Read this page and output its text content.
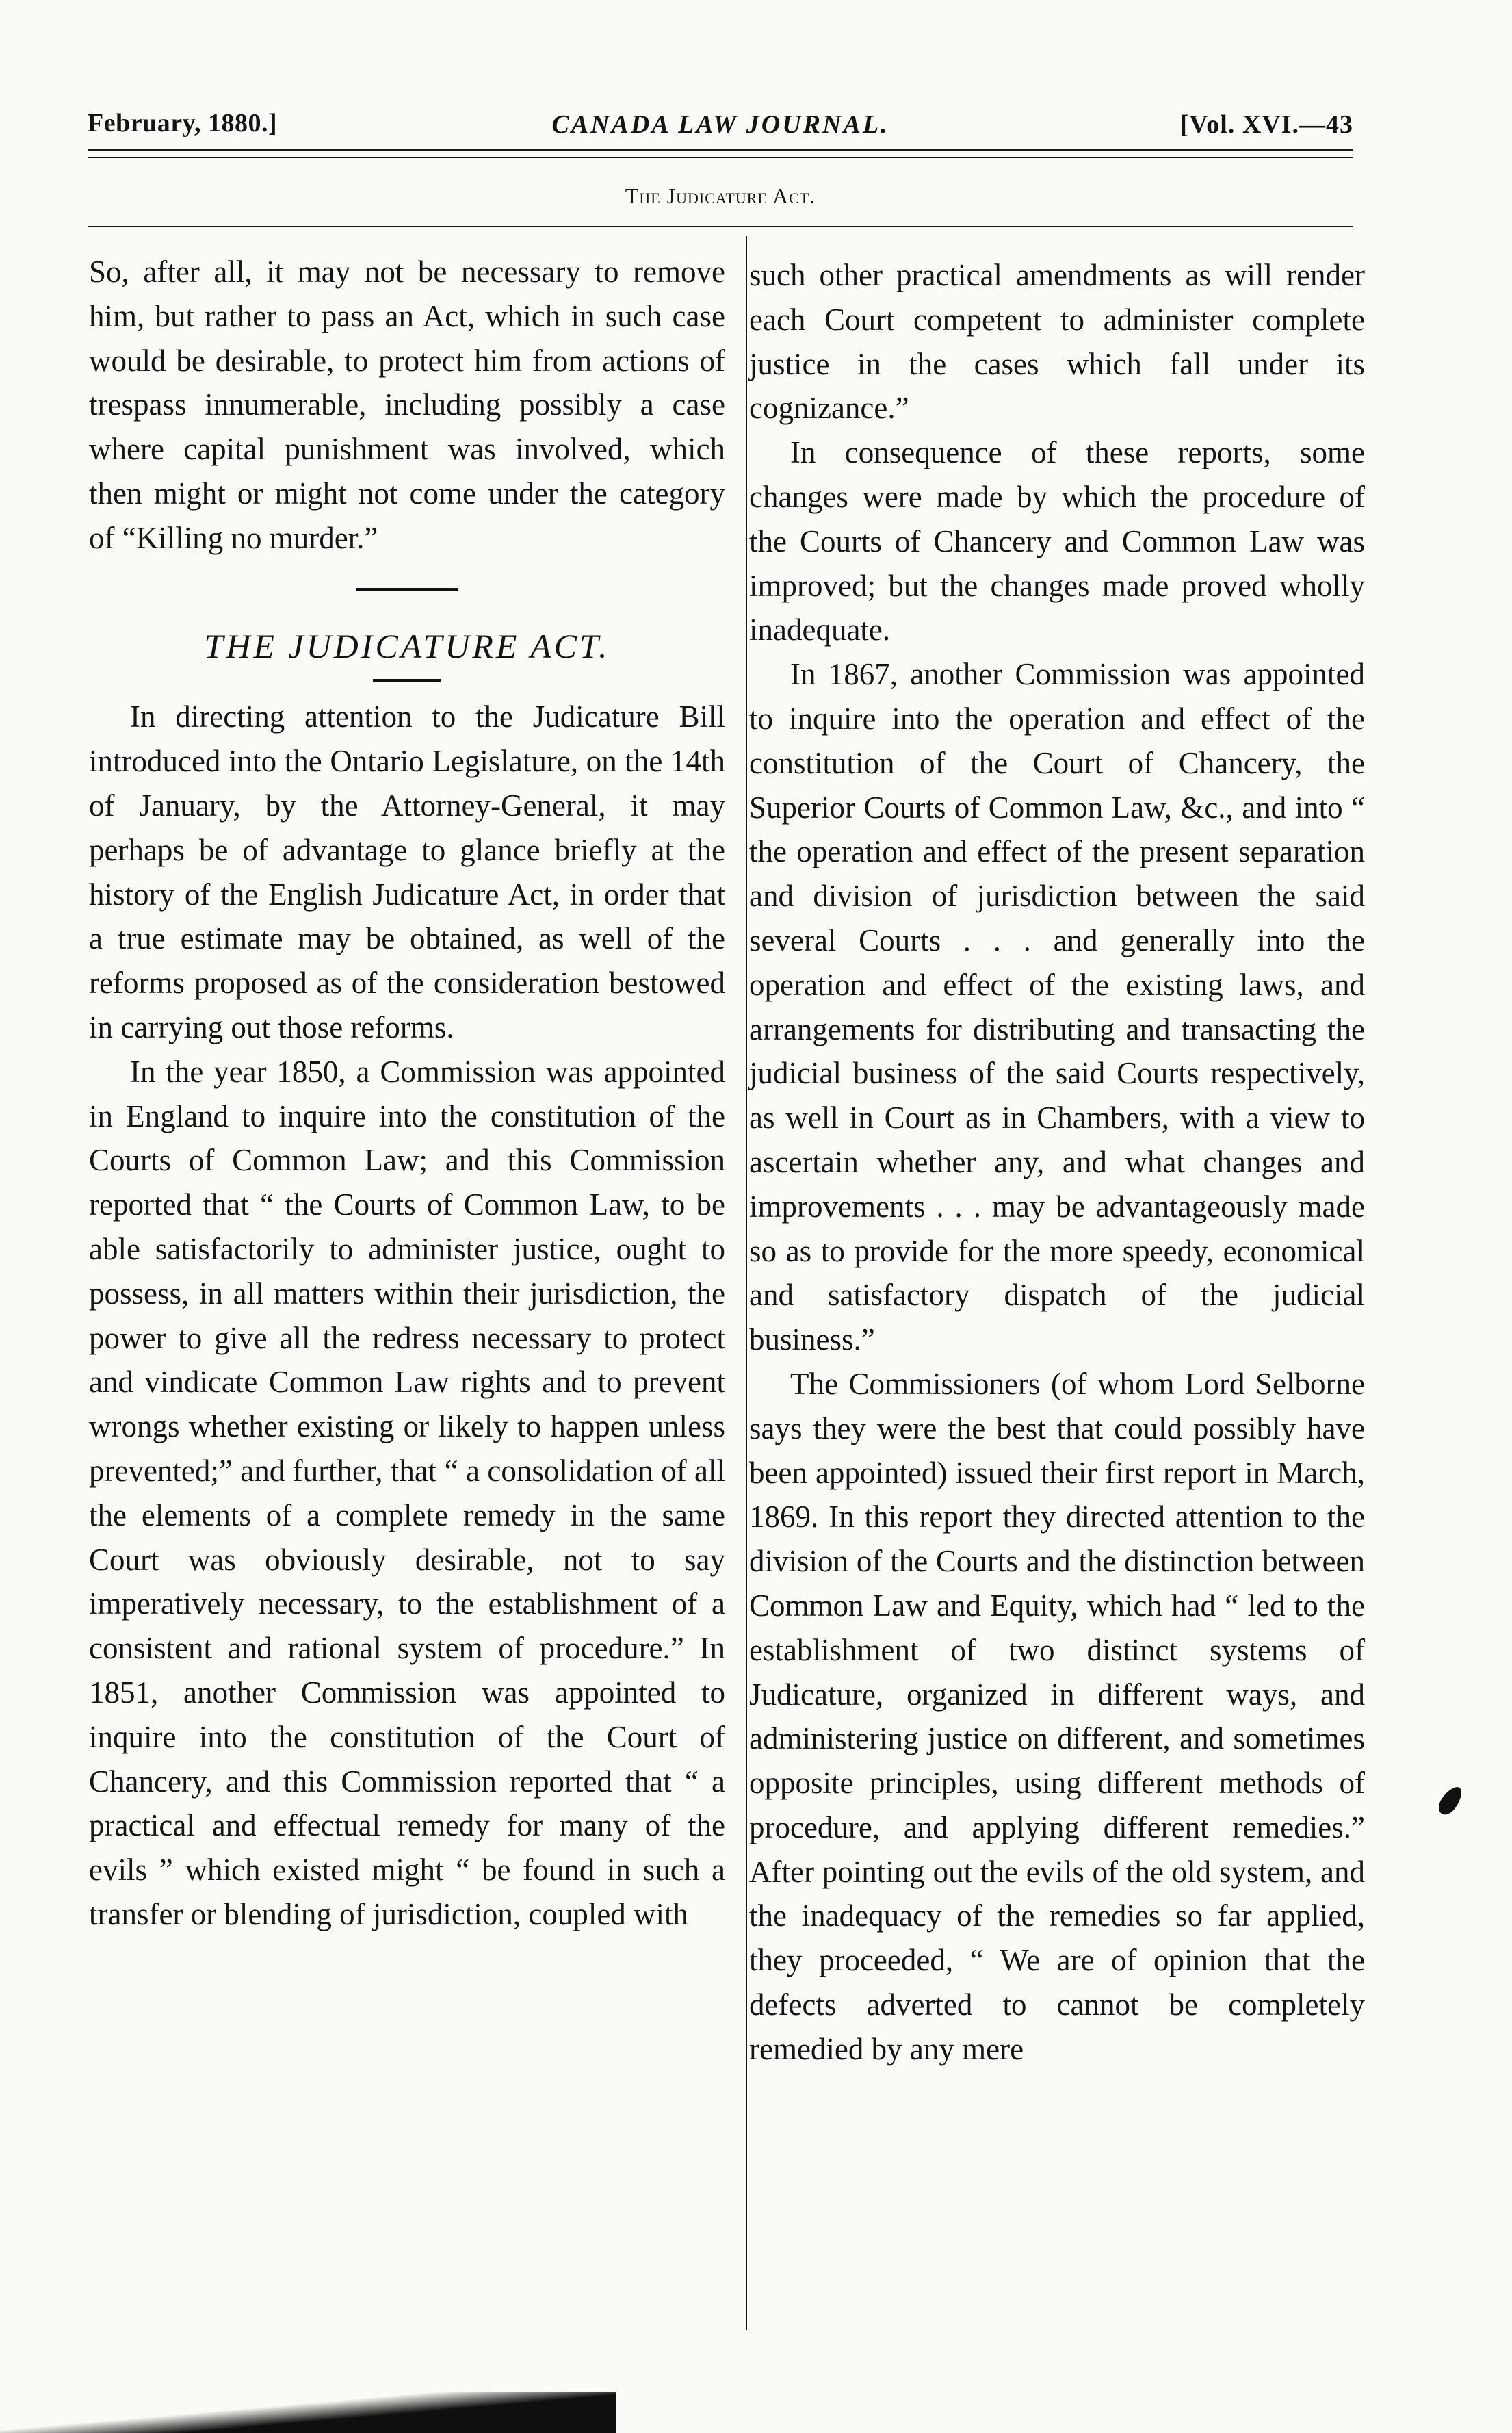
February, 1880.]	CANADA LAW JOURNAL.	[Vol. XVI.—43
The Judicature Act.

So, after all, it may not be necessary to remove him, but rather to pass an Act, which in such case would be desirable, to protect him from actions of trespass innumerable, including possibly a case where capital punishment was involved, which then might or might not come under the category of “Killing no murder.”

THE JUDICATURE ACT.

In directing attention to the Judicature Bill introduced into the Ontario Legislature, on the 14th of January, by the Attorney-General, it may perhaps be of advantage to glance briefly at the history of the English Judicature Act, in order that a true estimate may be obtained, as well of the reforms proposed as of the consideration bestowed in carrying out those reforms.

In the year 1850, a Commission was appointed in England to inquire into the constitution of the Courts of Common Law; and this Commission reported that “ the Courts of Common Law, to be able satisfactorily to administer justice, ought to possess, in all matters within their jurisdiction, the power to give all the redress necessary to protect and vindicate Common Law rights and to prevent wrongs whether existing or likely to happen unless prevented;” and further, that “ a consolidation of all the elements of a complete remedy in the same Court was obviously desirable, not to say imperatively necessary, to the establishment of a consistent and rational system of procedure.” In 1851, another Commission was appointed to inquire into the constitution of the Court of Chancery, and this Commission reported that “ a practical and effectual remedy for many of the evils ” which existed might “ be found in such a transfer or blending of jurisdiction, coupled with

such other practical amendments as will render each Court competent to administer complete justice in the cases which fall under its cognizance.”

In consequence of these reports, some changes were made by which the procedure of the Courts of Chancery and Common Law was improved; but the changes made proved wholly inadequate.

In 1867, another Commission was appointed to inquire into the operation and effect of the constitution of the Court of Chancery, the Superior Courts of Common Law, &c., and into “ the operation and effect of the present separation and division of jurisdiction between the said several Courts . . . and generally into the operation and effect of the existing laws, and arrangements for distributing and transacting the judicial business of the said Courts respectively, as well in Court as in Chambers, with a view to ascertain whether any, and what changes and improvements . . . may be advantageously made so as to provide for the more speedy, economical and satisfactory dispatch of the judicial business.”

The Commissioners (of whom Lord Selborne says they were the best that could possibly have been appointed) issued their first report in March, 1869. In this report they directed attention to the division of the Courts and the distinction between Common Law and Equity, which had “ led to the establishment of two distinct systems of Judicature, organized in different ways, and administering justice on different, and sometimes opposite principles, using different methods of procedure, and applying different remedies.” After pointing out the evils of the old system, and the inadequacy of the remedies so far applied, they proceeded, “ We are of opinion that the defects adverted to cannot be completely remedied by any mere
